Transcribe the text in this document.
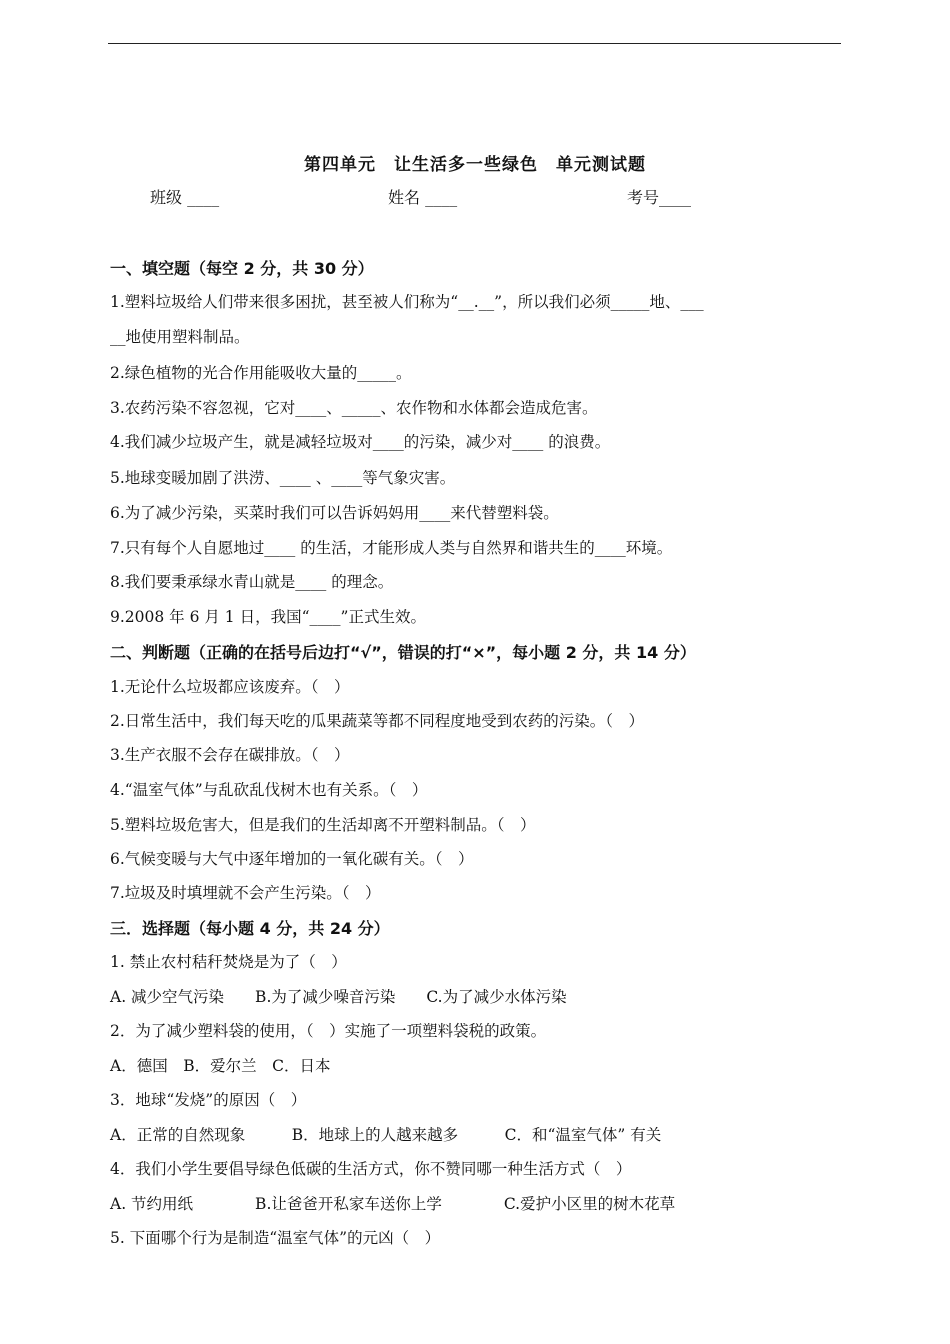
第四单元　让生活多一些绿色　单元测试题
班级 ____	姓名 ____	考号____
一、填空题（每空 2 分，共 30 分）
1.塑料垃圾给人们带来很多困扰，甚至被人们称为“__.__”，所以我们必须_____地、___
__地使用塑料制品。
2.绿色植物的光合作用能吸收大量的_____。
3.农药污染不容忽视，它对____、_____、农作物和水体都会造成危害。
4.我们减少垃圾产生，就是减轻垃圾对____的污染，减少对____ 的浪费。
5.地球变暖加剧了洪涝、____ 、____等气象灾害。
6.为了减少污染，买菜时我们可以告诉妈妈用____来代替塑料袋。
7.只有每个人自愿地过____ 的生活，才能形成人类与自然界和谐共生的____环境。
8.我们要秉承绿水青山就是____ 的理念。
9.2008 年 6 月 1 日，我国“____”正式生效。
二、判断题（正确的在括号后边打“√”，错误的打“×”，每小题 2 分，共 14 分）
1.无论什么垃圾都应该废弃。（　）
2.日常生活中，我们每天吃的瓜果蔬菜等都不同程度地受到农药的污染。（　）
3.生产衣服不会存在碳排放。（　）
4.“温室气体”与乱砍乱伐树木也有关系。（　）
5.塑料垃圾危害大，但是我们的生活却离不开塑料制品。（　）
6.气候变暖与大气中逐年增加的一氧化碳有关。（　）
7.垃圾及时填埋就不会产生污染。（　）
三．选择题（每小题 4 分，共 24 分）
1. 禁止农村秸秆焚烧是为了（　）
A. 减少空气污染　　B.为了减少噪音污染　　C.为了减少水体污染
2．为了减少塑料袋的使用，（　）实施了一项塑料袋税的政策。
A．德国　B．爱尔兰　C．日本
3．地球“发烧”的原因（　）
A．正常的自然现象　　　B．地球上的人越来越多　　　C．和“温室气体” 有关
4．我们小学生要倡导绿色低碳的生活方式，你不赞同哪一种生活方式（　）
A. 节约用纸　　　　B.让爸爸开私家车送你上学　　　　C.爱护小区里的树木花草
5. 下面哪个行为是制造“温室气体”的元凶（　）
